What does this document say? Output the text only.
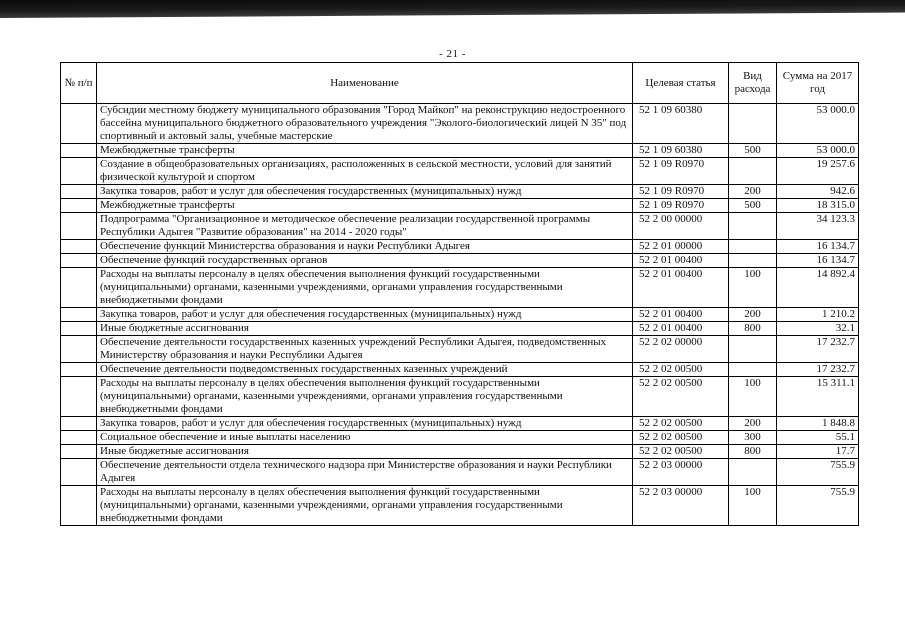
- 21 -
№ п/п	Наименование	Целевая статья	Вид расхода	Сумма на 2017 год
	Субсидии местному бюджету муниципального образования "Город Майкоп" на реконструкцию недостроенного бассейна муниципального бюджетного образовательного учреждения "Эколого-биологический лицей N 35" под спортивный и актовый залы, учебные мастерские	52 1 09 60380		53 000.0
	Межбюджетные трансферты	52 1 09 60380	500	53 000.0
	Создание в общеобразовательных организациях, расположенных в сельской местности, условий для занятий физической культурой и спортом	52 1 09 R0970		19 257.6
	Закупка товаров, работ и услуг для обеспечения государственных (муниципальных) нужд	52 1 09 R0970	200	942.6
	Межбюджетные трансферты	52 1 09 R0970	500	18 315.0
	Подпрограмма "Организационное и методическое обеспечение реализации государственной программы Республики Адыгея "Развитие образования" на 2014 - 2020 годы"	52 2 00 00000		34 123.3
	Обеспечение функций Министерства образования и науки Республики Адыгея	52 2 01 00000		16 134.7
	Обеспечение функций государственных органов	52 2 01 00400		16 134.7
	Расходы на выплаты персоналу в целях обеспечения выполнения функций государственными (муниципальными) органами, казенными учреждениями, органами управления государственными внебюджетными фондами	52 2 01 00400	100	14 892.4
	Закупка товаров, работ и услуг для обеспечения государственных (муниципальных) нужд	52 2 01 00400	200	1 210.2
	Иные бюджетные ассигнования	52 2 01 00400	800	32.1
	Обеспечение деятельности государственных казенных учреждений Республики Адыгея, подведомственных Министерству образования и науки Республики Адыгея	52 2 02 00000		17 232.7
	Обеспечение деятельности подведомственных государственных казенных учреждений	52 2 02 00500		17 232.7
	Расходы на выплаты персоналу в целях обеспечения выполнения функций государственными (муниципальными) органами, казенными учреждениями, органами управления государственными внебюджетными фондами	52 2 02 00500	100	15 311.1
	Закупка товаров, работ и услуг для обеспечения государственных (муниципальных) нужд	52 2 02 00500	200	1 848.8
	Социальное обеспечение и иные выплаты населению	52 2 02 00500	300	55.1
	Иные бюджетные ассигнования	52 2 02 00500	800	17.7
	Обеспечение деятельности отдела технического надзора при Министерстве образования и науки Республики Адыгея	52 2 03 00000		755.9
	Расходы на выплаты персоналу в целях обеспечения выполнения функций государственными (муниципальными) органами, казенными учреждениями, органами управления государственными внебюджетными фондами	52 2 03 00000	100	755.9
